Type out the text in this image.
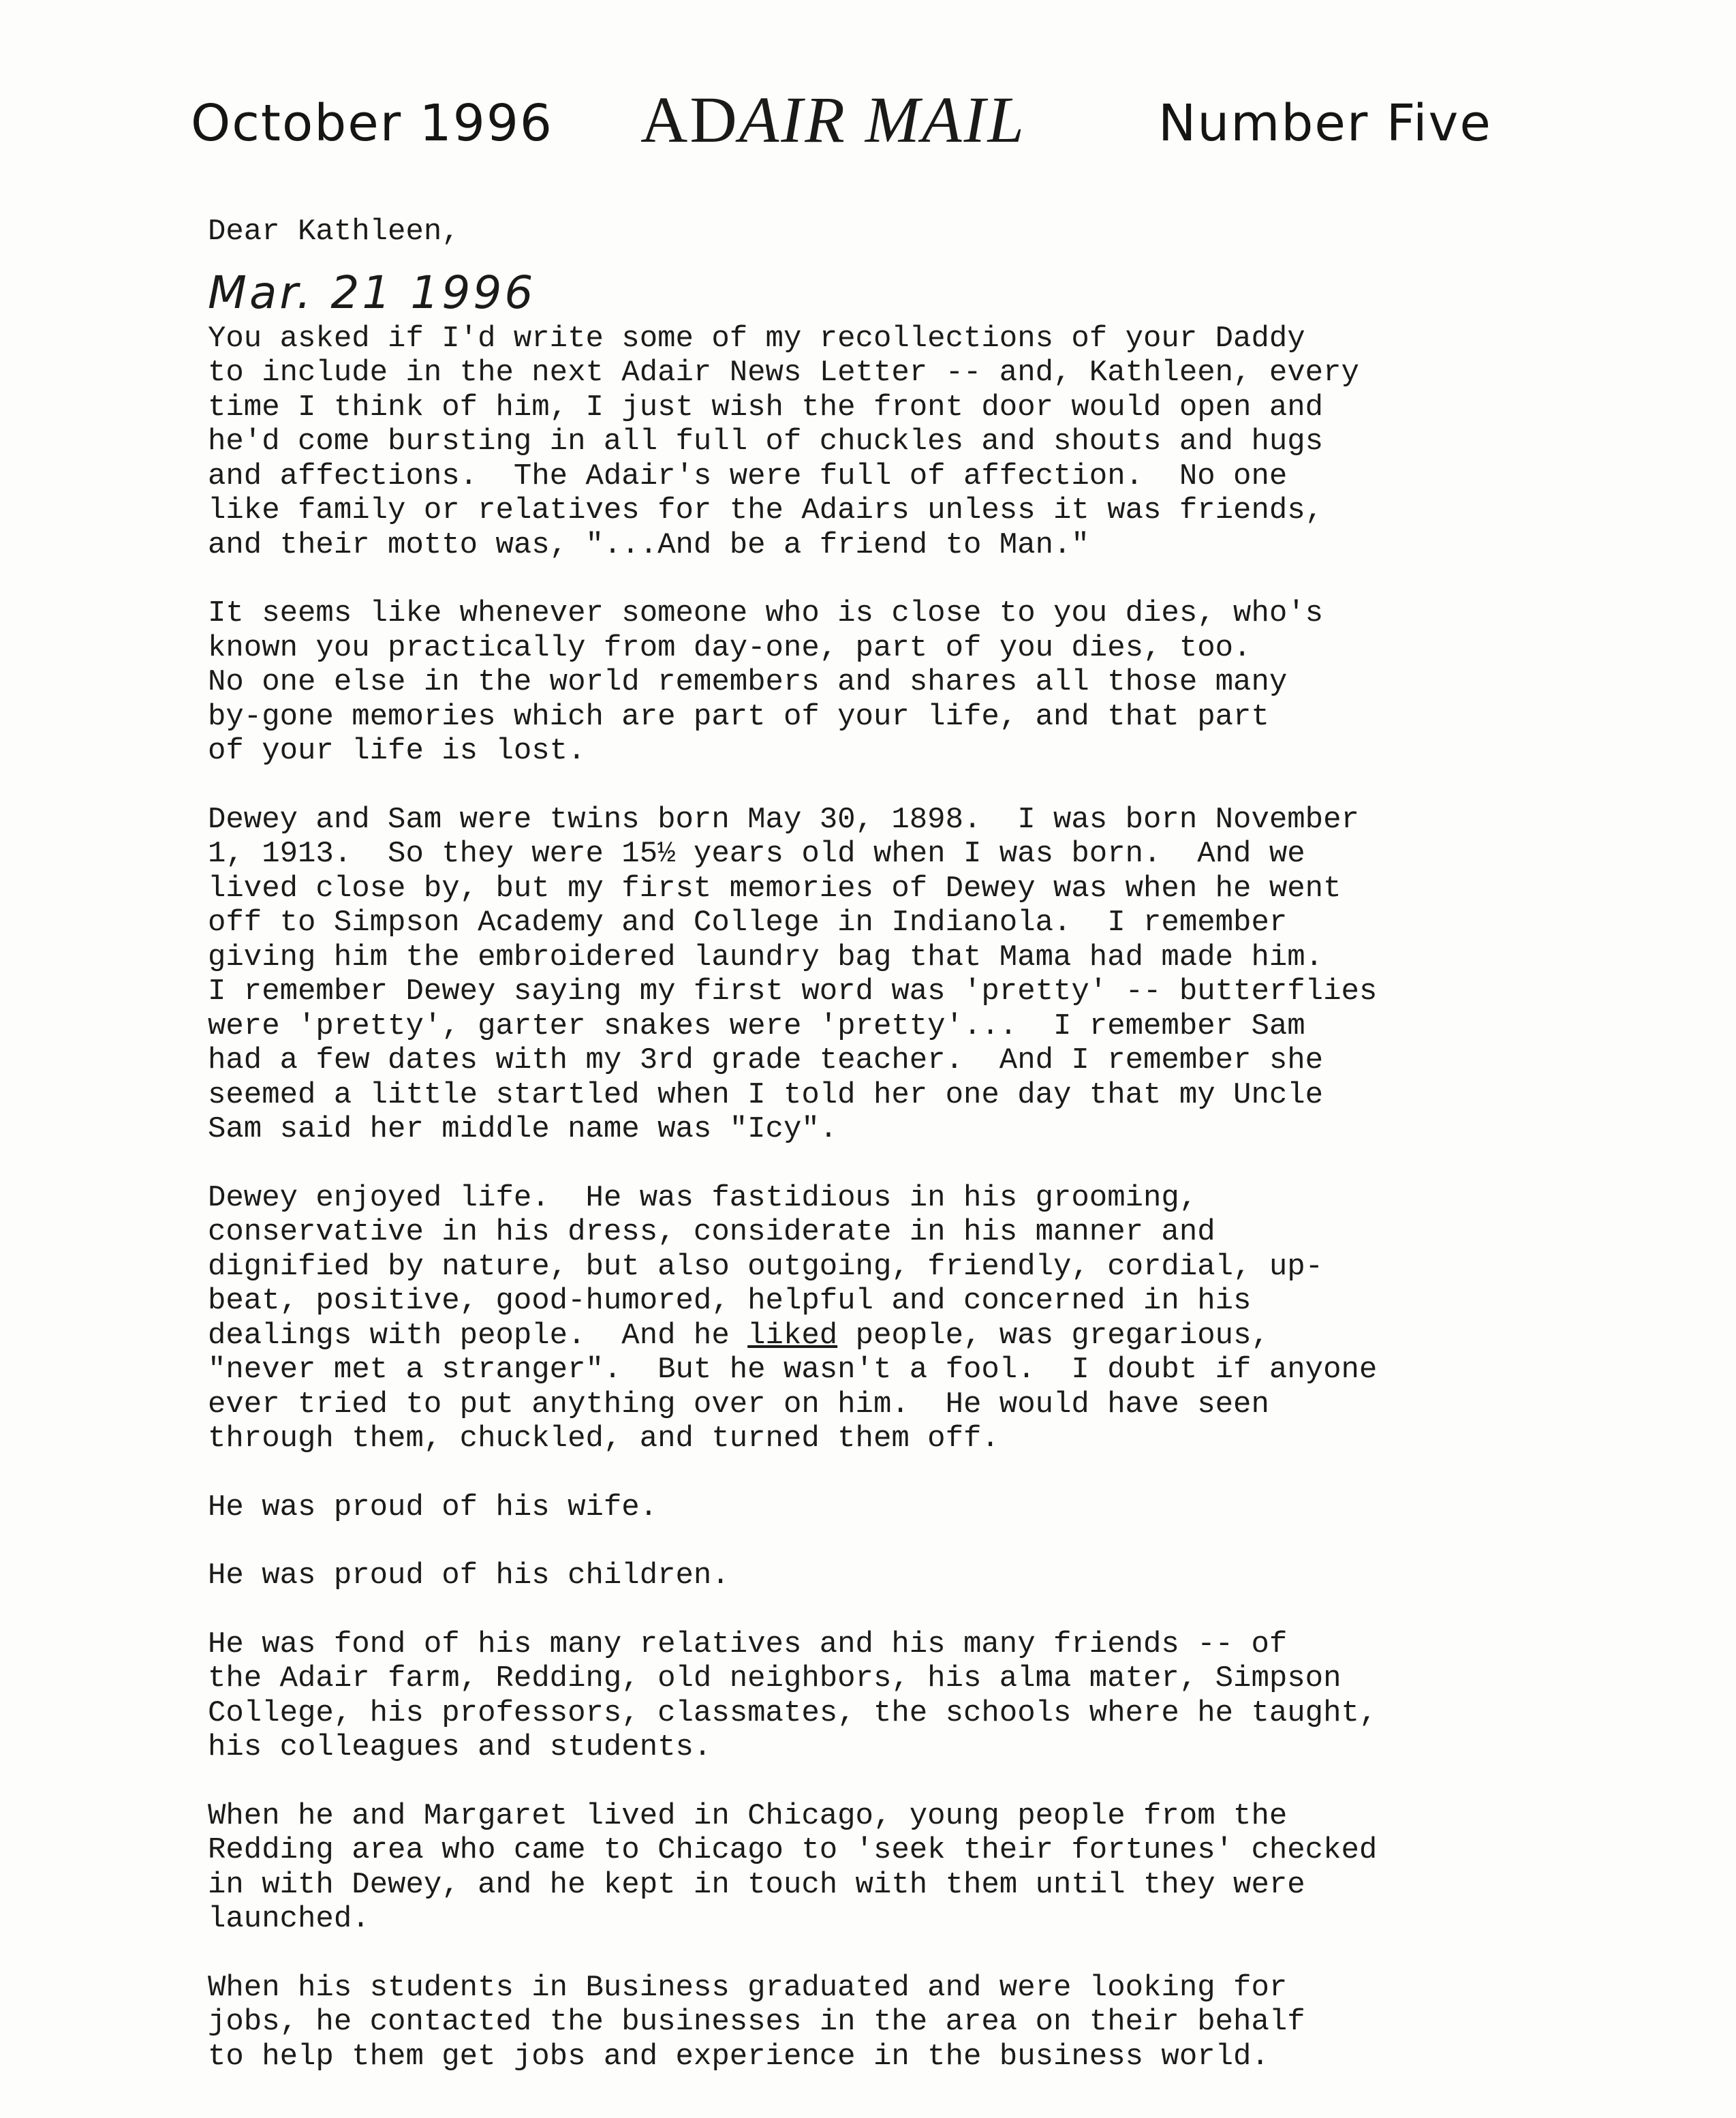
October 1996 ADAIR MAIL	Number Five

Dear Kathleen,

Mar. 21 1996

You asked if I'd write some of my recollections of your Daddy

to include in the next Adair News Letter -- and, Kathleen, every

time I think of him, I just wish the front door would open and

he'd come bursting in all full of chuckles and shouts and hugs

and affections.  The Adair's were full of affection.  No one

like family or relatives for the Adairs unless it was friends,

and their motto was, "...And be a friend to Man."

It seems like whenever someone who is close to you dies, who's

known you practically from day-one, part of you dies, too.

No one else in the world remembers and shares all those many

by-gone memories which are part of your life, and that part

of your life is lost.

Dewey and Sam were twins born May 30, 1898.  I was born November

1, 1913.  So they were 15½ years old when I was born.  And we

lived close by, but my first memories of Dewey was when he went

off to Simpson Academy and College in Indianola.  I remember

giving him the embroidered laundry bag that Mama had made him.

I remember Dewey saying my first word was 'pretty' -- butterflies

were 'pretty', garter snakes were 'pretty'...  I remember Sam

had a few dates with my 3rd grade teacher.  And I remember she

seemed a little startled when I told her one day that my Uncle

Sam said her middle name was "Icy".

Dewey enjoyed life.  He was fastidious in his grooming,

conservative in his dress, considerate in his manner and

dignified by nature, but also outgoing, friendly, cordial, up-

beat, positive, good-humored, helpful and concerned in his

dealings with people.  And he liked people, was gregarious,

"never met a stranger".  But he wasn't a fool.  I doubt if anyone

ever tried to put anything over on him.  He would have seen

through them, chuckled, and turned them off.

He was proud of his wife.

He was proud of his children.

He was fond of his many relatives and his many friends -- of

the Adair farm, Redding, old neighbors, his alma mater, Simpson

College, his professors, classmates, the schools where he taught,

his colleagues and students.

When he and Margaret lived in Chicago, young people from the

Redding area who came to Chicago to 'seek their fortunes' checked

in with Dewey, and he kept in touch with them until they were

launched.

When his students in Business graduated and were looking for

jobs, he contacted the businesses in the area on their behalf

to help them get jobs and experience in the business world.
